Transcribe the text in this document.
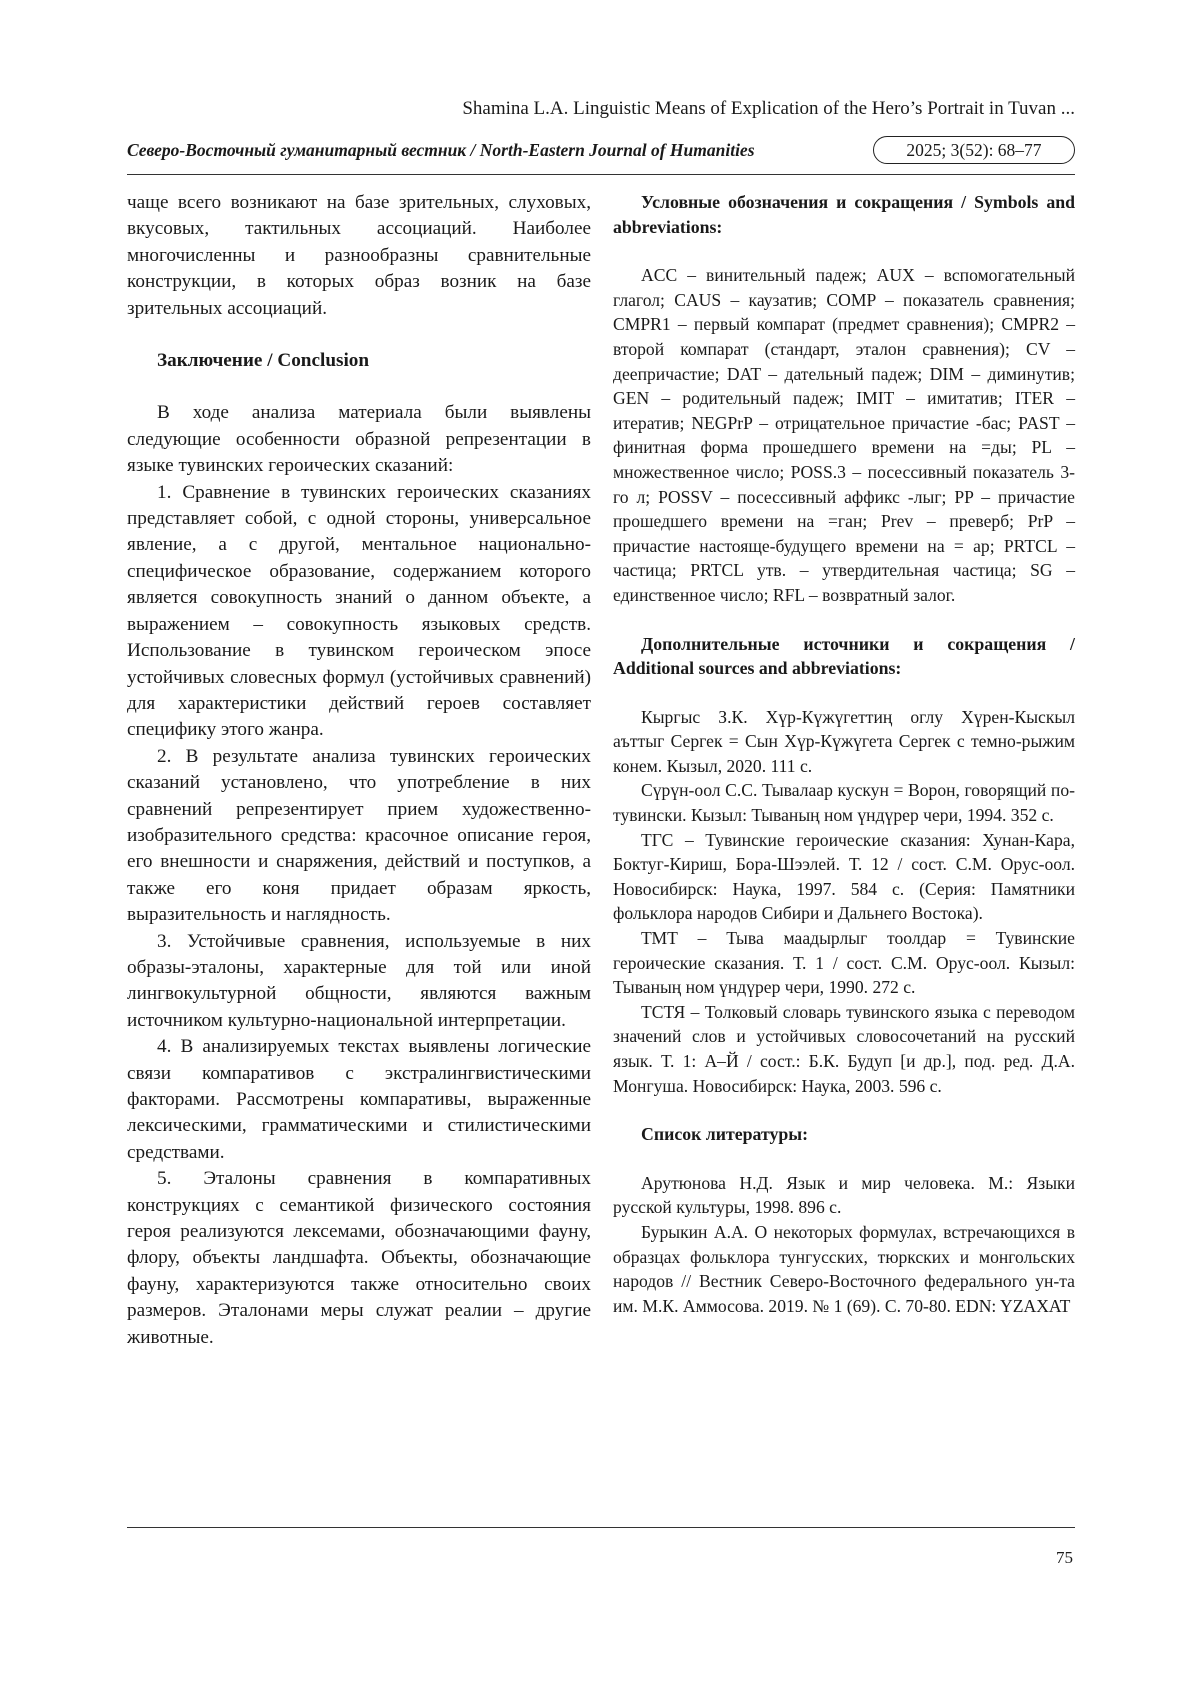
Shamina L.A. Linguistic Means of Explication of the Hero’s Portrait in Tuvan ...
Северо-Восточный гуманитарный вестник / North-Eastern Journal of Humanities	2025; 3(52): 68–77

чаще всего возникают на базе зрительных, слуховых, вкусовых, тактильных ассоциаций. Наиболее многочисленны и разнообразны сравнительные конструкции, в которых образ возник на базе зрительных ассоциаций.

Заключение / Conclusion

В ходе анализа материала были выявлены следующие особенности образной репрезентации в языке тувинских героических сказаний:

1. Сравнение в тувинских героических сказаниях представляет собой, с одной стороны, универсальное явление, а с другой, ментальное национально-специфическое образование, содержанием которого является совокупность знаний о данном объекте, а выражением – совокупность языковых средств. Использование в тувинском героическом эпосе устойчивых словесных формул (устойчивых сравнений) для характеристики действий героев составляет специфику этого жанра.

2. В результате анализа тувинских героических сказаний установлено, что употребление в них сравнений репрезентирует прием художественно-изобразительного средства: красочное описание героя, его внешности и снаряжения, действий и поступков, а также его коня придает образам яркость, выразительность и наглядность.

3. Устойчивые сравнения, используемые в них образы-эталоны, характерные для той или иной лингвокультурной общности, являются важным источником культурно-национальной интерпретации.

4. В анализируемых текстах выявлены логические связи компаративов с экстралингвистическими факторами. Рассмотрены компаративы, выраженные лексическими, грамматическими и стилистическими средствами.

5. Эталоны сравнения в компаративных конструкциях с семантикой физического состояния героя реализуются лексемами, обозначающими фауну, флору, объекты ландшафта. Объекты, обозначающие фауну, характеризуются также относительно своих размеров. Эталонами меры служат реалии – другие животные.

Условные обозначения и сокращения / Symbols and abbreviations:

ACC – винительный падеж; AUX – вспомогательный глагол; CAUS – каузатив; COMP – показатель сравнения; CMPR1 – первый компарат (предмет сравнения); CMPR2 – второй компарат (стандарт, эталон сравнения); CV – деепричастие; DAT – дательный падеж; DIM – диминутив; GEN – родительный падеж; IMIT – имитатив; ITER – итератив; NEGPrP – отрицательное причастие -бас; PAST – финитная форма прошедшего времени на =ды; PL – множественное число; POSS.3 – посессивный показатель 3-го л; POSSV – посессивный аффикс -лыг; PP – причастие прошедшего времени на =ган; Prev – преверб; PrP – причастие настояще-будущего времени на = ар; PRTCL – частица; PRTCL утв. – утвердительная частица; SG – единственное число; RFL – возвратный залог.

Дополнительные источники и сокращения / Additional sources and abbreviations:

Кыргыс З.К. Хүр-Күжүгеттиң оглу Хүрен-Кыскыл аъттыг Сергек = Сын Хүр-Күжүгета Сергек с темно-рыжим конем. Кызыл, 2020. 111 с.

Сүрүн-оол С.С. Тывалаар кускун = Ворон, говорящий по-тувински. Кызыл: Тываның ном үндүрер чери, 1994. 352 с.

ТГС – Тувинские героические сказания: Хунан-Кара, Боктуг-Кириш, Бора-Шээлей. Т. 12 / сост. С.М. Орус-оол. Новосибирск: Наука, 1997. 584 с. (Серия: Памятники фольклора народов Сибири и Дальнего Востока).

ТМТ – Тыва маадырлыг тоолдар = Тувинские героические сказания. Т. 1 / сост. С.М. Орус-оол. Кызыл: Тываның ном үндүрер чери, 1990. 272 с.

ТСТЯ – Толковый словарь тувинского языка с переводом значений слов и устойчивых словосочетаний на русский язык. Т. 1: А–Й / сост.: Б.К. Будуп [и др.], под. ред. Д.А. Монгуша. Новосибирск: Наука, 2003. 596 с.

Список литературы:

Арутюнова Н.Д. Язык и мир человека. М.: Языки русской культуры, 1998. 896 с.

Бурыкин А.А. О некоторых формулах, встречающихся в образцах фольклора тунгусских, тюркских и монгольских народов // Вестник Северо-Восточного федерального ун-та им. М.К. Аммосова. 2019. № 1 (69). С. 70-80. EDN: YZAXAT

75
